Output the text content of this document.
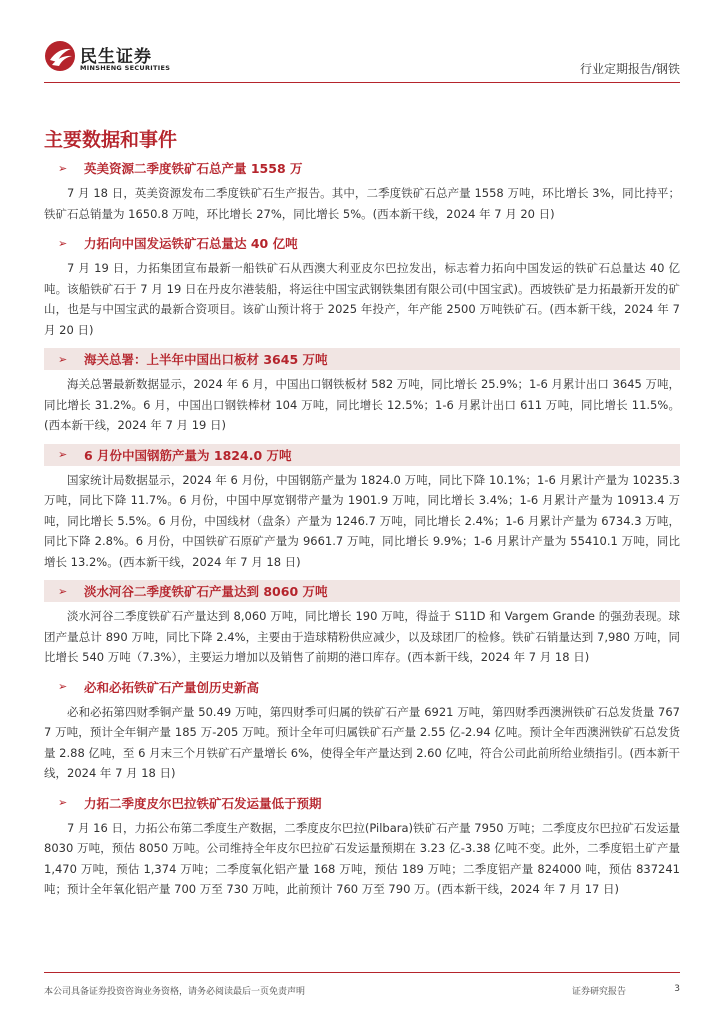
民生证券
MINSHENG SECURITIES	行业定期报告/钢铁
主要数据和事件
➢	英美资源二季度铁矿石总产量 1558 万

7 月 18 日，英美资源发布二季度铁矿石生产报告。其中，二季度铁矿石总产量 1558 万吨，环比增长 3%，同比持平；铁矿石总销量为 1650.8 万吨，环比增长 27%，同比增长 5%。(西本新干线，2024 年 7 月 20 日)

➢	力拓向中国发运铁矿石总量达 40 亿吨

7 月 19 日，力拓集团宣布最新一船铁矿石从西澳大利亚皮尔巴拉发出，标志着力拓向中国发运的铁矿石总量达 40 亿吨。该船铁矿石于 7 月 19 日在丹皮尔港装船，将运往中国宝武钢铁集团有限公司(中国宝武)。西坡铁矿是力拓最新开发的矿山，也是与中国宝武的最新合资项目。该矿山预计将于 2025 年投产，年产能 2500 万吨铁矿石。(西本新干线，2024 年 7 月 20 日)

➢	海关总署：上半年中国出口板材 3645 万吨

海关总署最新数据显示，2024 年 6 月，中国出口钢铁板材 582 万吨，同比增长 25.9%；1-6 月累计出口 3645 万吨，同比增长 31.2%。6 月，中国出口钢铁棒材 104 万吨，同比增长 12.5%；1-6 月累计出口 611 万吨，同比增长 11.5%。(西本新干线，2024 年 7 月 19 日)

➢	6 月份中国钢筋产量为 1824.0 万吨

国家统计局数据显示，2024 年 6 月份，中国钢筋产量为 1824.0 万吨，同比下降 10.1%；1-6 月累计产量为 10235.3 万吨，同比下降 11.7%。6 月份，中国中厚宽钢带产量为 1901.9 万吨，同比增长 3.4%；1-6 月累计产量为 10913.4 万吨，同比增长 5.5%。6 月份，中国线材（盘条）产量为 1246.7 万吨，同比增长 2.4%；1-6 月累计产量为 6734.3 万吨，同比下降 2.8%。6 月份，中国铁矿石原矿产量为 9661.7 万吨，同比增长 9.9%；1-6 月累计产量为 55410.1 万吨，同比增长 13.2%。(西本新干线，2024 年 7 月 18 日)

➢	淡水河谷二季度铁矿石产量达到 8060 万吨

淡水河谷二季度铁矿石产量达到 8,060 万吨，同比增长 190 万吨，得益于 S11D 和 Vargem Grande 的强劲表现。球团产量总计 890 万吨，同比下降 2.4%，主要由于造球精粉供应减少，以及球团厂的检修。铁矿石销量达到 7,980 万吨，同比增长 540 万吨（7.3%），主要运力增加以及销售了前期的港口库存。(西本新干线，2024 年 7 月 18 日)

➢	必和必拓铁矿石产量创历史新高

必和必拓第四财季铜产量 50.49 万吨，第四财季可归属的铁矿石产量 6921 万吨，第四财季西澳洲铁矿石总发货量 7677 万吨，预计全年铜产量 185 万-205 万吨。预计全年可归属铁矿石产量 2.55 亿-2.94 亿吨。预计全年西澳洲铁矿石总发货量 2.88 亿吨，至 6 月末三个月铁矿石产量增长 6%，使得全年产量达到 2.60 亿吨，符合公司此前所给业绩指引。(西本新干线，2024 年 7 月 18 日)

➢	力拓二季度皮尔巴拉铁矿石发运量低于预期

7 月 16 日，力拓公布第二季度生产数据，二季度皮尔巴拉(Pilbara)铁矿石产量 7950 万吨；二季度皮尔巴拉矿石发运量 8030 万吨，预估 8050 万吨。公司维持全年皮尔巴拉矿石发运量预期在 3.23 亿-3.38 亿吨不变。此外，二季度铝土矿产量 1,470 万吨，预估 1,374 万吨；二季度氧化铝产量 168 万吨，预估 189 万吨；二季度铝产量 824000 吨，预估 837241 吨；预计全年氧化铝产量 700 万至 730 万吨，此前预计 760 万至 790 万。(西本新干线，2024 年 7 月 17 日)

本公司具备证券投资咨询业务资格，请务必阅读最后一页免责声明	证券研究报告	3
